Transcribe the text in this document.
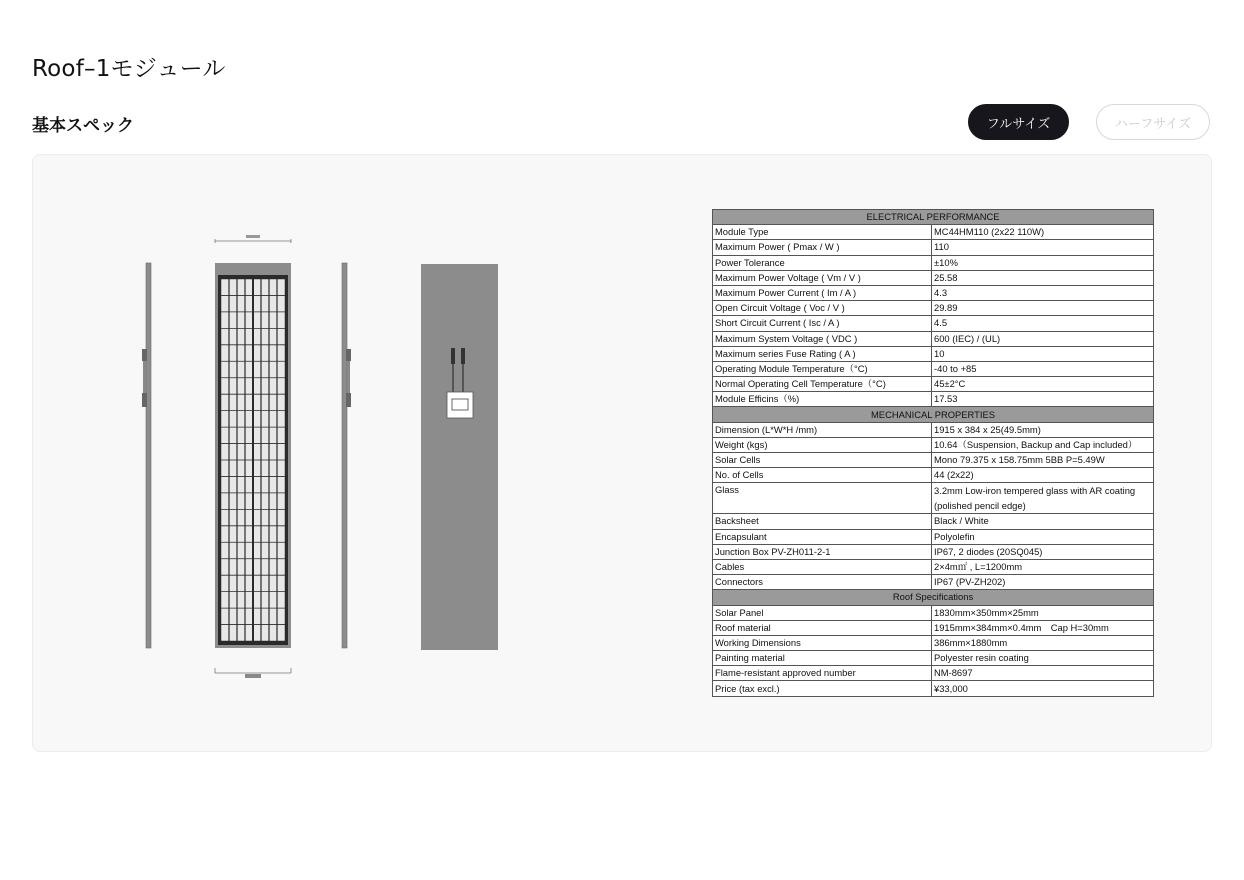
Roof–1モジュール
基本スペック	フルサイズ	ハーフサイズ
ELECTRICAL PERFORMANCE	
Module Type	MC44HM110 (2x22 110W)
Maximum Power ( Pmax / W )	110
Power Tolerance	±10%
Maximum Power Voltage ( Vm / V )	25.58
Maximum Power Current ( Im / A )	4.3
Open Circuit Voltage ( Voc / V )	29.89
Short Circuit Current ( Isc / A )	4.5
Maximum System Voltage ( VDC )	600 (IEC) / (UL)
Maximum series Fuse Rating ( A )	10
Operating Module Temperature（°C)	-40 to +85
Normal Operating Cell Temperature（°C)	45±2°C
Module Efficins（%)	17.53
MECHANICAL PROPERTIES	
Dimension (L*W*H /mm)	1915 x 384 x 25(49.5mm)
Weight (kgs)	10.64（Suspension, Backup and Cap included）
Solar Cells	Mono 79.375 x 158.75mm 5BB P=5.49W
No. of Cells	44 (2x22)
Glass	3.2mm Low-iron tempered glass with AR coating (polished pencil edge)
Backsheet	Black / White
Encapsulant	Polyolefin
Junction Box PV-ZH011-2-1	IP67, 2 diodes (20SQ045)
Cables	2×4m㎡ , L=1200mm
Connectors	IP67 (PV-ZH202)
Roof Specifications	
Solar Panel	1830mm×350mm×25mm
Roof material	1915mm×384mm×0.4mm　Cap H=30mm
Working Dimensions	386mm×1880mm
Painting material	Polyester resin coating
Flame-resistant approved number	NM-8697
Price (tax excl.)	¥33,000
